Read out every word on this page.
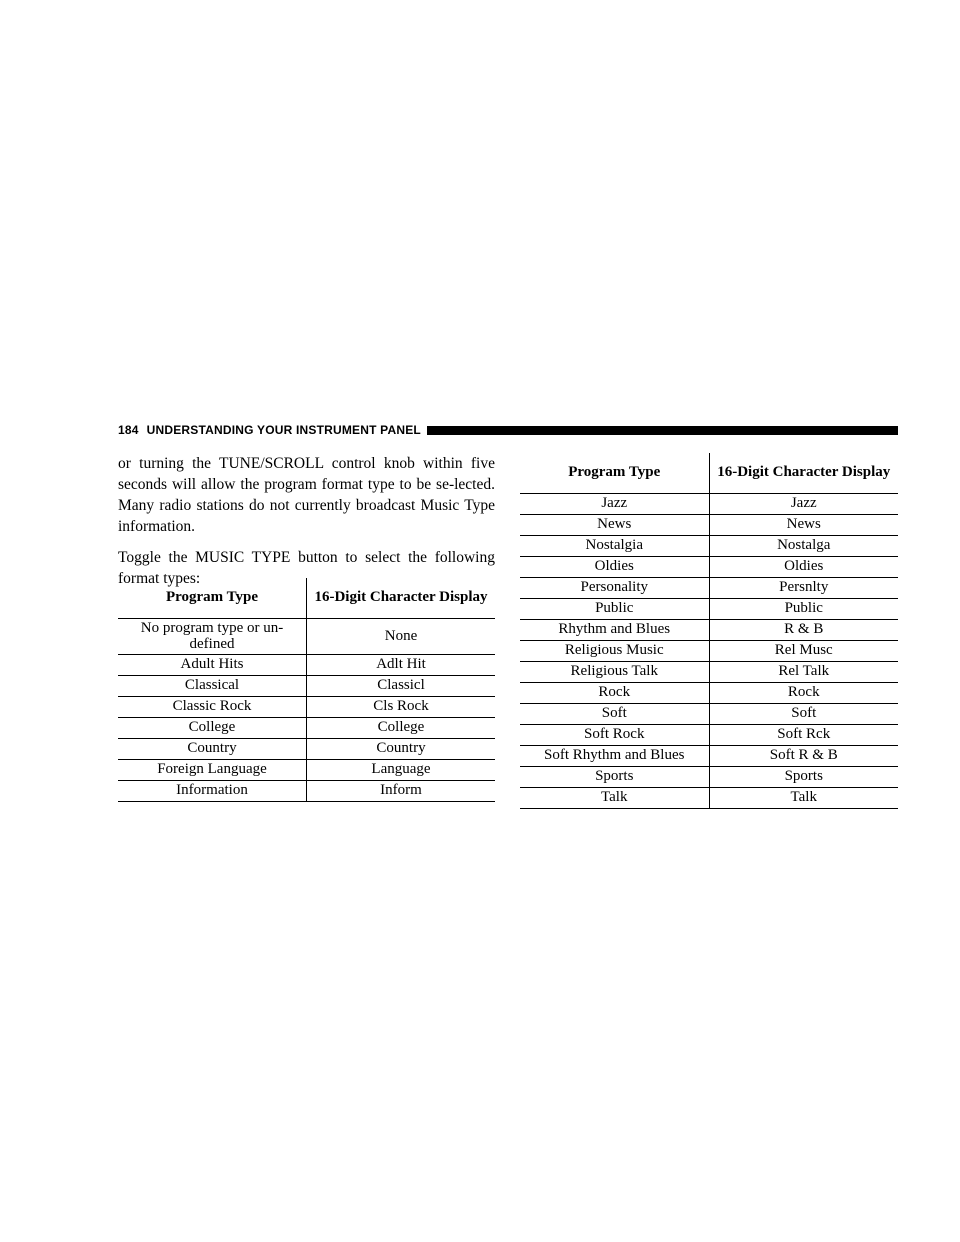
184 UNDERSTANDING YOUR INSTRUMENT PANEL

or turning the TUNE/SCROLL control knob within five seconds will allow the program format type to be se-lected. Many radio stations do not currently broadcast Music Type information.

Toggle the MUSIC TYPE button to select the following format types:

Program Type	16-Digit Character Display
No program type or un-defined	None
Adult Hits	Adlt Hit
Classical	Classicl
Classic Rock	Cls Rock
College	College
Country	Country
Foreign Language	Language
Information	Inform
Program Type	16-Digit Character Display
Jazz	Jazz
News	News
Nostalgia	Nostalga
Oldies	Oldies
Personality	Persnlty
Public	Public
Rhythm and Blues	R & B
Religious Music	Rel Musc
Religious Talk	Rel Talk
Rock	Rock
Soft	Soft
Soft Rock	Soft Rck
Soft Rhythm and Blues	Soft R & B
Sports	Sports
Talk	Talk
